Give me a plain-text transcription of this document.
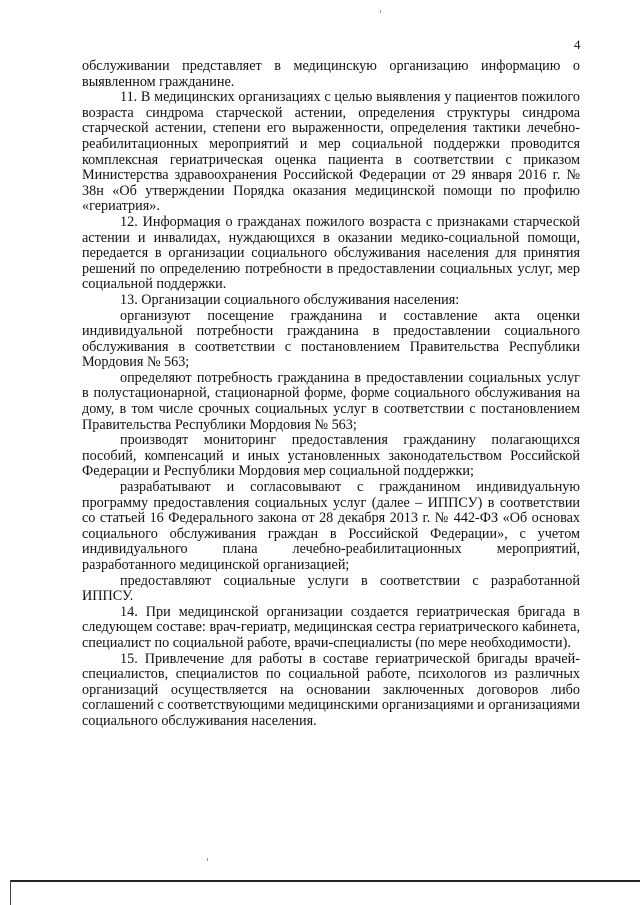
4

обслуживании представляет в медицинскую организацию информацию о выявленном гражданине.

11. В медицинских организациях с целью выявления у пациентов пожилого возраста синдрома старческой астении, определения структуры синдрома старческой астении, степени его выраженности, определения тактики лечебно-реабилитационных мероприятий и мер социальной поддержки проводится комплексная гериатрическая оценка пациента в соответствии с приказом Министерства здравоохранения Российской Федерации от 29 января 2016 г. № 38н «Об утверждении Порядка оказания медицинской помощи по профилю «гериатрия».

12. Информация о гражданах пожилого возраста с признаками старческой астении и инвалидах, нуждающихся в оказании медико-социальной помощи, передается в организации социального обслуживания населения для принятия решений по определению потребности в предоставлении социальных услуг, мер социальной поддержки.

13. Организации социального обслуживания населения:

организуют посещение гражданина и составление акта оценки индивидуальной потребности гражданина в предоставлении социального обслуживания в соответствии с постановлением Правительства Республики Мордовия № 563;

определяют потребность гражданина в предоставлении социальных услуг в полустационарной, стационарной форме, форме социального обслуживания на дому, в том числе срочных социальных услуг в соответствии с постановлением Правительства Республики Мордовия № 563;

производят мониторинг предоставления гражданину полагающихся пособий, компенсаций и иных установленных законодательством Российской Федерации и Республики Мордовия мер социальной поддержки;

разрабатывают и согласовывают с гражданином индивидуальную программу предоставления социальных услуг (далее – ИППСУ) в соответствии со статьей 16 Федерального закона от 28 декабря 2013 г. № 442-ФЗ «Об основах социального обслуживания граждан в Российской Федерации», с учетом индивидуального плана лечебно-реабилитационных мероприятий, разработанного медицинской организацией;

предоставляют социальные услуги в соответствии с разработанной ИППСУ.

14. При медицинской организации создается гериатрическая бригада в следующем составе: врач-гериатр, медицинская сестра гериатрического кабинета, специалист по социальной работе, врачи-специалисты (по мере необходимости).

15. Привлечение для работы в составе гериатрической бригады врачей-специалистов, специалистов по социальной работе, психологов из различных организаций осуществляется на основании заключенных договоров либо соглашений с соответствующими медицинскими организациями и организациями социального обслуживания населения.
